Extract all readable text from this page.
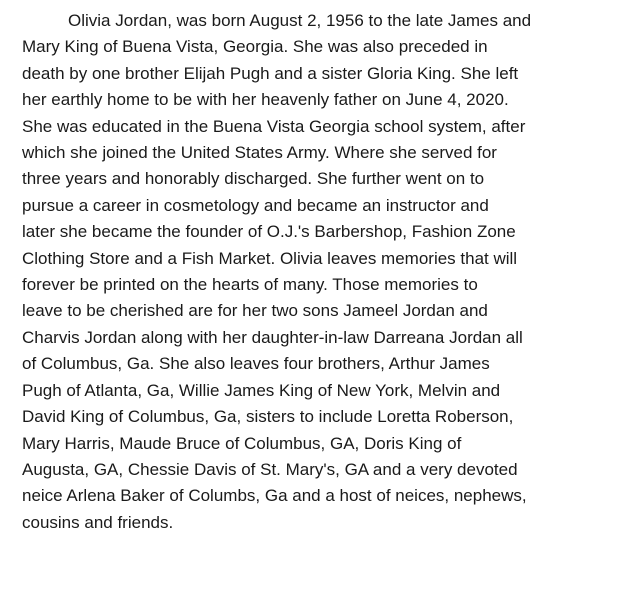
Olivia Jordan, was born August 2, 1956 to the late James and
Mary King of Buena Vista, Georgia. She was also preceded in
death by one brother Elijah Pugh and a sister Gloria King. She left
her earthly home to be with her heavenly father on June 4, 2020.
She was educated in the Buena Vista Georgia school system, after
which she joined the United States Army. Where she served for
three years and honorably discharged. She further went on to
pursue a career in cosmetology and became an instructor and
later she became the founder of O.J.'s Barbershop, Fashion Zone
Clothing Store and a Fish Market. Olivia leaves memories that will
forever be printed on the hearts of many. Those memories to
leave to be cherished are for her two sons Jameel Jordan and
Charvis Jordan along with her daughter-in-law Darreana Jordan all
of Columbus, Ga. She also leaves four brothers, Arthur James
Pugh of Atlanta, Ga, Willie James King of New York, Melvin and
David King of Columbus, Ga, sisters to include Loretta Roberson,
Mary Harris, Maude Bruce of Columbus, GA, Doris King of
Augusta, GA, Chessie Davis of St. Mary's, GA and a very devoted
neice Arlena Baker of Columbs, Ga and a host of neices, nephews,
cousins and friends.
